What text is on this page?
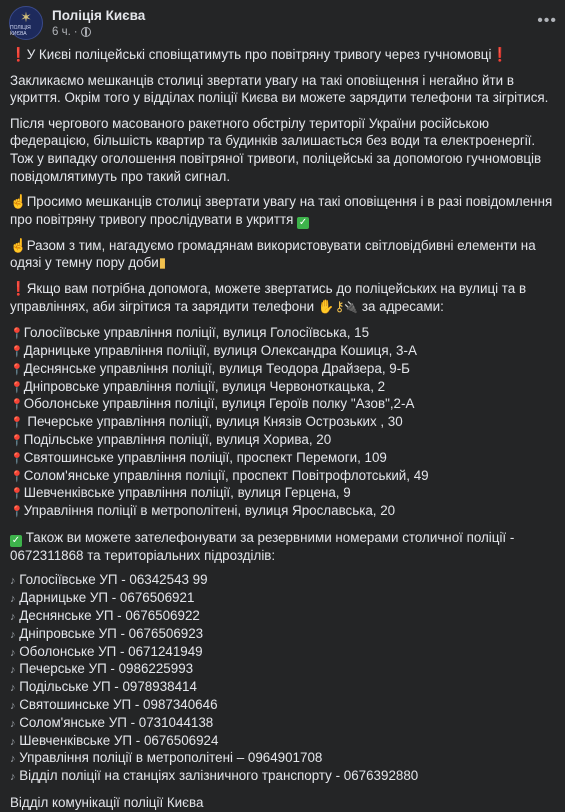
✶
ПОЛІЦІЯ КИЄВА
Поліція Києва
6 ч. ·
•••

❗У Києві поліцейські сповіщатимуть про повітряну тривогу через гучномовці❗

Закликаємо мешканців столиці звертати увагу на такі оповіщення і негайно йти в укриття. Окрім того у відділах поліції Києва ви можете зарядити телефони та зігрітися.

Після чергового масованого ракетного обстрілу території України російською федерацією, більшість квартир та будинків залишається без води та електроенергії. Тож у випадку оголошення повітряної тривоги, поліцейські за допомогою гучномовців повідомлятимуть про такий сигнал.

☝Просимо мешканців столиці звертати увагу на такі оповіщення і в разі повідомлення про повітряну тривогу прослідувати в укриття ✓

☝Разом з тим, нагадуємо громадянам використовувати світловідбивні елементи на одязі у темну пору доби▮

❗Якщо вам потрібна допомога, можете звертатись до поліцейських на вулиці та в управліннях, аби зігрітися та зарядити телефони ✋⚷🔌 за адресами:

📍Голосіївське управління поліції, вулиця Голосіївська, 15

📍Дарницьке управління поліції, вулиця Олександра Кошиця, 3-А

📍Деснянське управління поліції, вулиця Теодора Драйзера, 9-Б

📍Дніпровське управління поліції, вулиця Червоноткацька, 2

📍Оболонське управління поліції, вулиця Героїв полку "Азов",2-А

📍 Печерське управління поліції, вулиця Князів Острозьких , 30

📍Подільське управління поліції, вулиця Хорива, 20

📍Святошинське управління поліції, проспект Перемоги, 109

📍Солом'янське управління поліції, проспект Повітрофлотський, 49

📍Шевченківське управління поліції, вулиця Герцена, 9

📍Управління поліції в метрополітені, вулиця Ярославська, 20

✓ Також ви можете зателефонувати за резервними номерами столичної поліції - 0672311868 та територіальних підрозділів:

♪ Голосіївське УП - 06342543 99

♪ Дарницьке УП - 0676506921

♪ Деснянське УП - 0676506922

♪ Дніпровське УП - 0676506923

♪ Оболонське УП - 0671241949

♪ Печерське УП - 0986225993

♪ Подільське УП - 0978938414

♪ Святошинське УП - 0987340646

♪ Солом'янське УП - 0731044138

♪ Шевченківське УП - 0676506924

♪ Управління поліції в метрополітені – 0964901708

♪ Відділ поліції на станціях залізничного транспорту - 0676392880

Відділ комунікації поліції Києва
